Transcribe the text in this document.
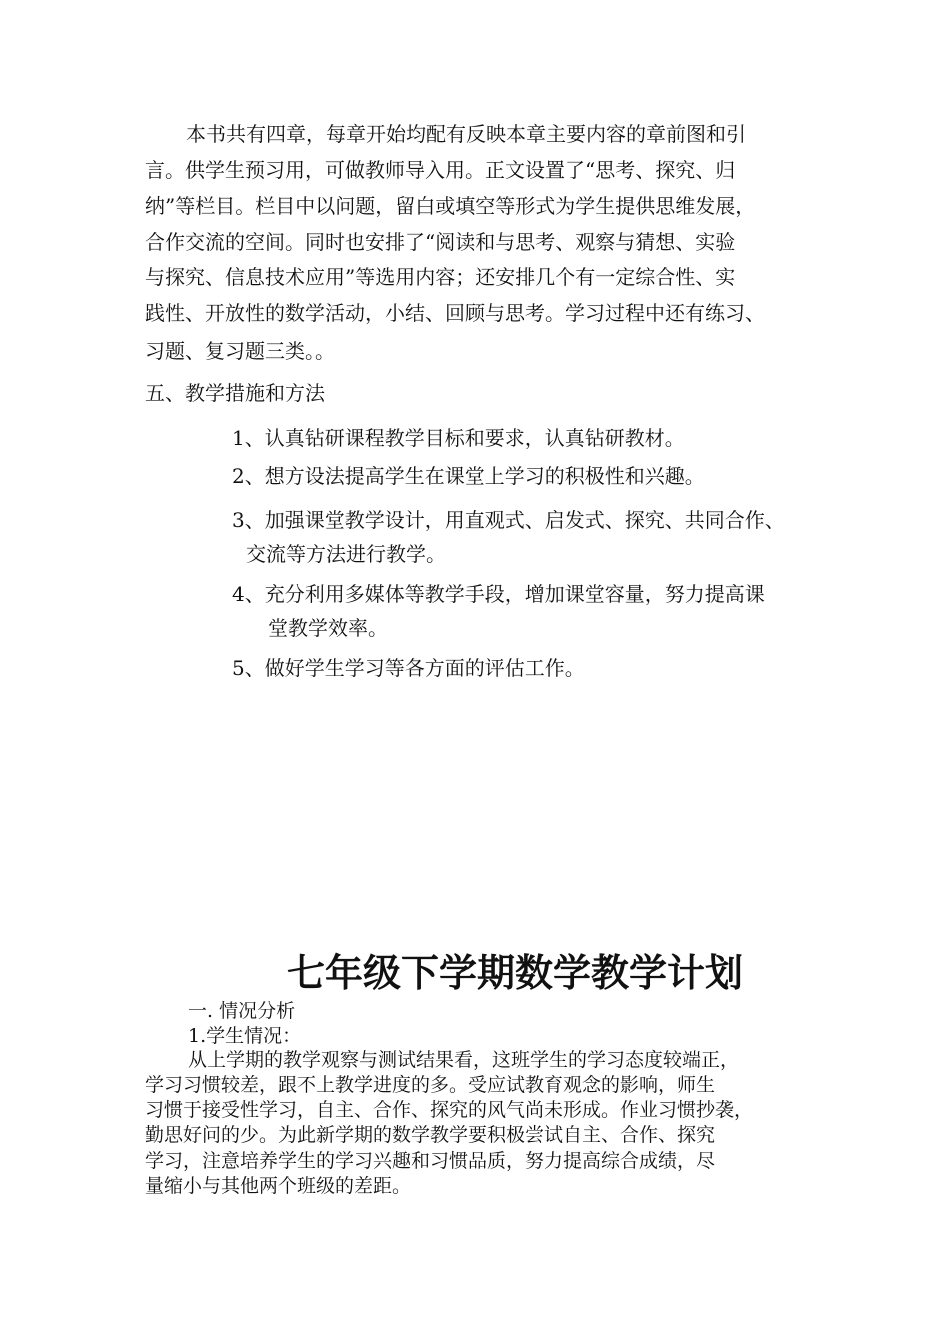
本书共有四章，每章开始均配有反映本章主要内容的章前图和引
言。供学生预习用，可做教师导入用。正文设置了“思考、探究、归
纳”等栏目。栏目中以问题，留白或填空等形式为学生提供思维发展，
合作交流的空间。同时也安排了“阅读和与思考、观察与猜想、实验
与探究、信息技术应用”等选用内容；还安排几个有一定综合性、实
践性、开放性的数学活动，小结、回顾与思考。学习过程中还有练习、
习题、复习题三类。。
五、教学措施和方法
1、认真钻研课程教学目标和要求，认真钻研教材。
2、想方设法提高学生在课堂上学习的积极性和兴趣。
3、加强课堂教学设计，用直观式、启发式、探究、共同合作、
交流等方法进行教学。
4、充分利用多媒体等教学手段，增加课堂容量，努力提高课
堂教学效率。
5、做好学生学习等各方面的评估工作。
七年级下学期数学教学计划
一. 情况分析
1.学生情况：
从上学期的教学观察与测试结果看，这班学生的学习态度较端正，
学习习惯较差，跟不上教学进度的多。受应试教育观念的影响，师生
习惯于接受性学习，自主、合作、探究的风气尚未形成。作业习惯抄袭，
勤思好问的少。为此新学期的数学教学要积极尝试自主、合作、探究
学习，注意培养学生的学习兴趣和习惯品质，努力提高综合成绩，尽
量缩小与其他两个班级的差距。
